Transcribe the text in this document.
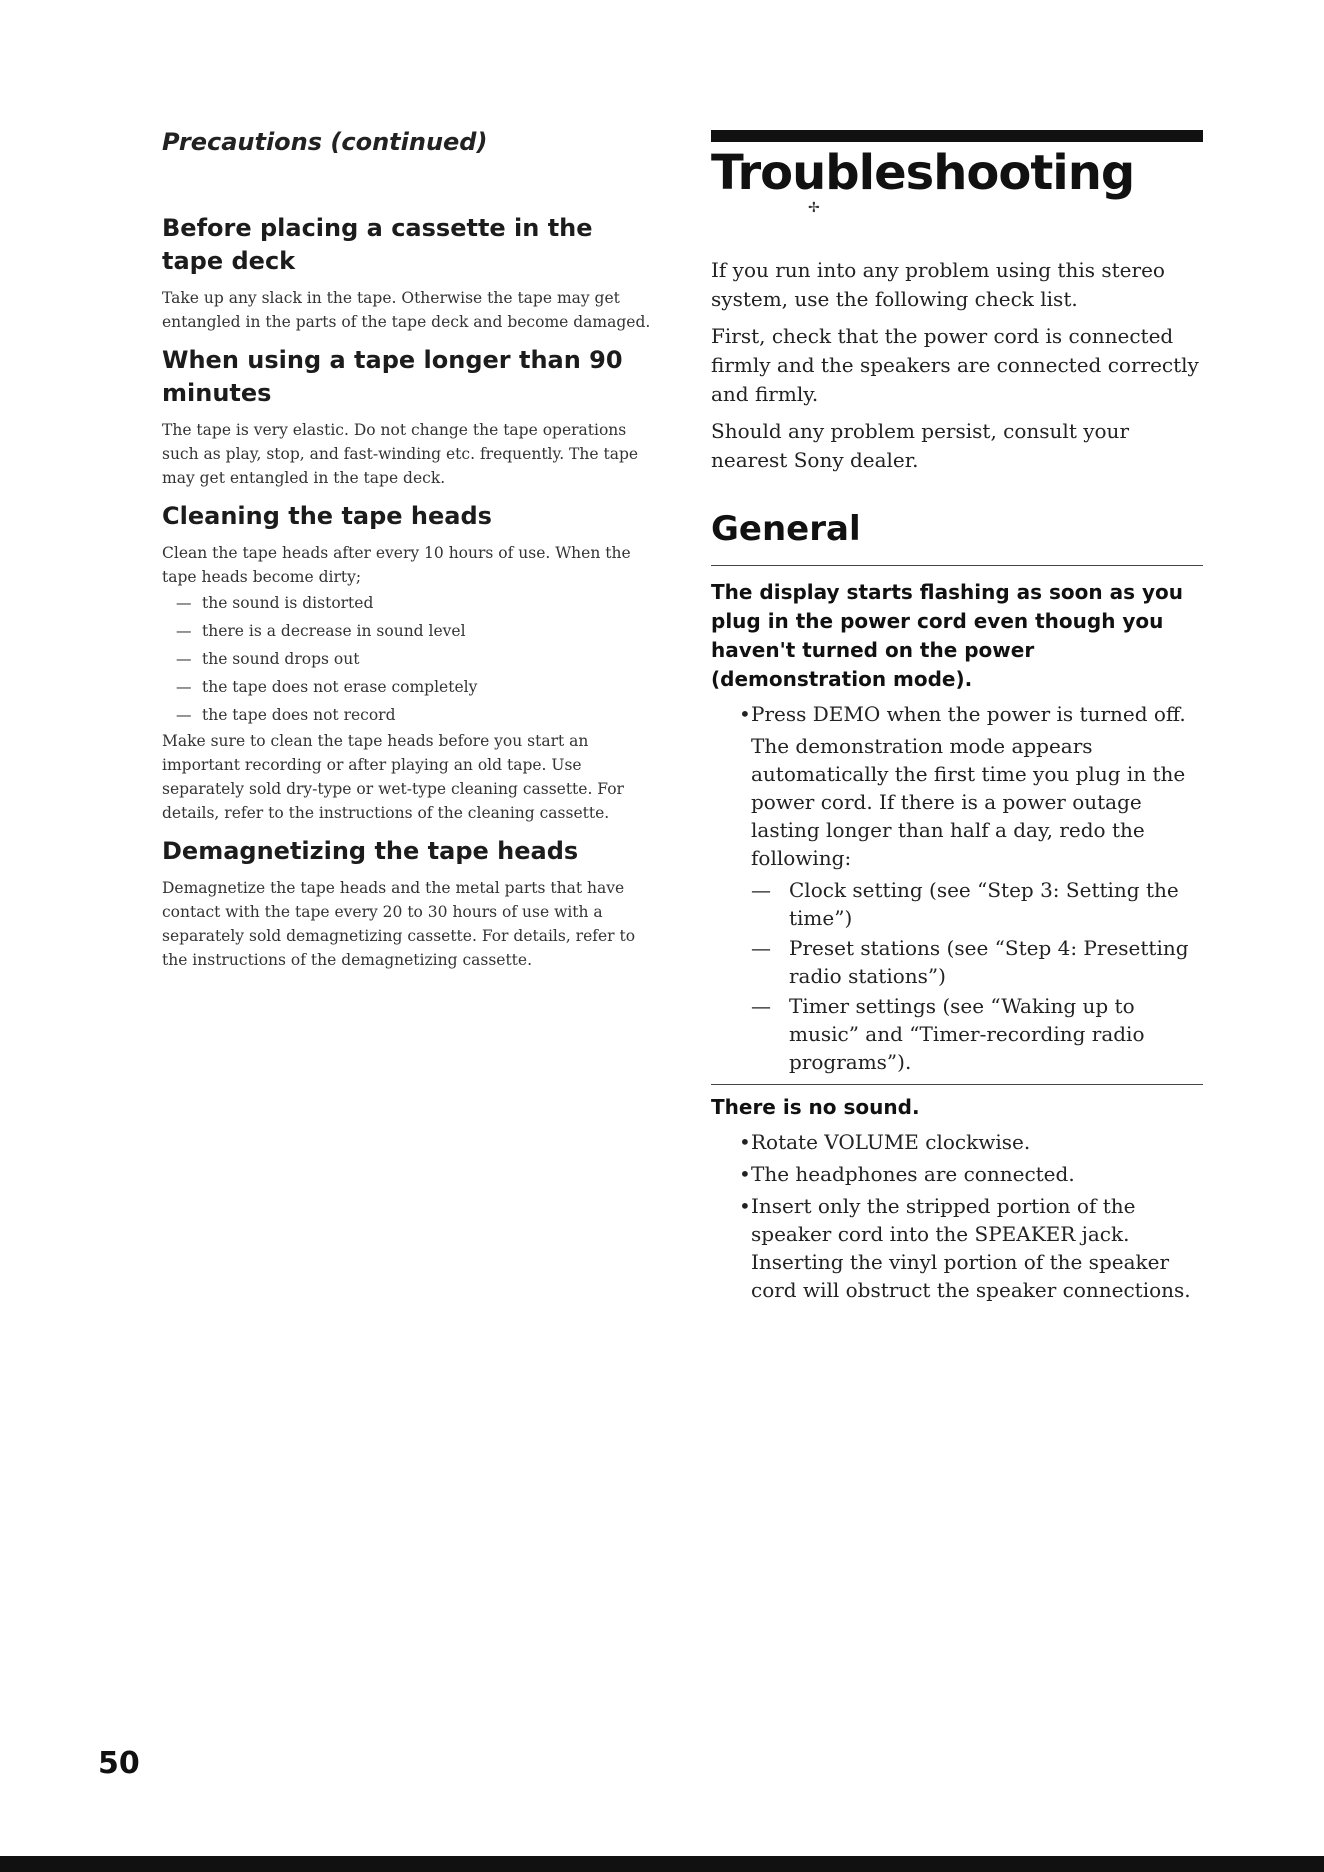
Precautions (continued)
Before placing a cassette in the tape deck

Take up any slack in the tape. Otherwise the tape may get entangled in the parts of the tape deck and become damaged.

When using a tape longer than 90 minutes

The tape is very elastic. Do not change the tape operations such as play, stop, and fast-winding etc. frequently. The tape may get entangled in the tape deck.

Cleaning the tape heads

Clean the tape heads after every 10 hours of use. When the tape heads become dirty;

— the sound is distorted
— there is a decrease in sound level
— the sound drops out
— the tape does not erase completely
— the tape does not record

Make sure to clean the tape heads before you start an important recording or after playing an old tape. Use separately sold dry-type or wet-type cleaning cassette. For details, refer to the instructions of the cleaning cassette.

Demagnetizing the tape heads

Demagnetize the tape heads and the metal parts that have contact with the tape every 20 to 30 hours of use with a separately sold demagnetizing cassette. For details, refer to the instructions of the demagnetizing cassette.

Troubleshooting
✢

If you run into any problem using this stereo system, use the following check list.

First, check that the power cord is connected firmly and the speakers are connected correctly and firmly.

Should any problem persist, consult your nearest Sony dealer.

General

The display starts flashing as soon as you plug in the power cord even though you haven't turned on the power (demonstration mode).

•Press DEMO when the power is turned off.

The demonstration mode appears automatically the first time you plug in the power cord. If there is a power outage lasting longer than half a day, redo the following:

— Clock setting (see “Step 3: Setting the time”)
— Preset stations (see “Step 4: Presetting radio stations”)
— Timer settings (see “Waking up to music” and “Timer-recording radio programs”).

There is no sound.

•Rotate VOLUME clockwise.

•The headphones are connected.

•Insert only the stripped portion of the speaker cord into the SPEAKER jack. Inserting the vinyl portion of the speaker cord will obstruct the speaker connections.

50
